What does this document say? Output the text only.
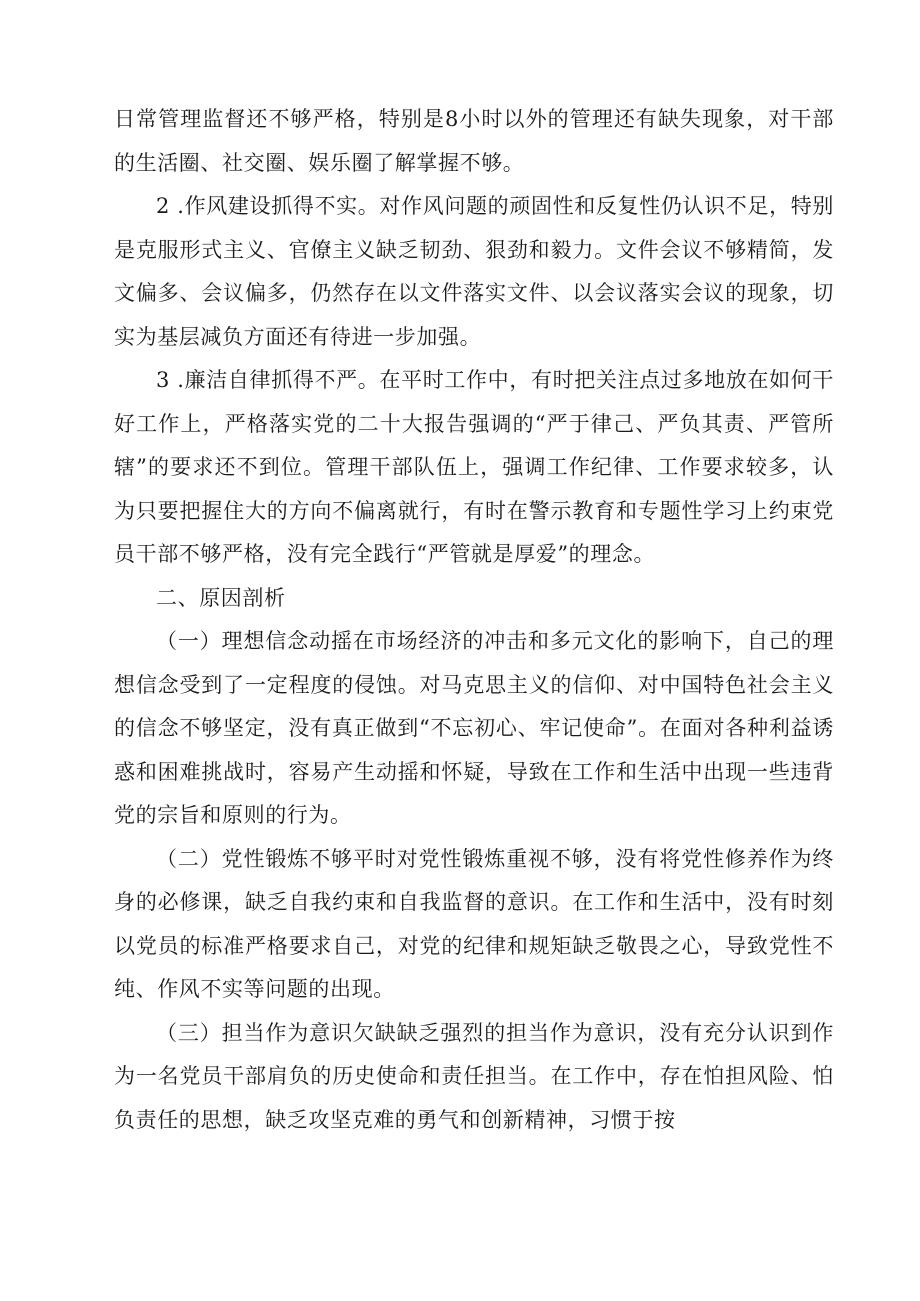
日常管理监督还不够严格，特别是8小时以外的管理还有缺失现象，对干部的生活圈、社交圈、娱乐圈了解掌握不够。

2 .作风建设抓得不实。对作风问题的顽固性和反复性仍认识不足，特别是克服形式主义、官僚主义缺乏韧劲、狠劲和毅力。文件会议不够精简，发文偏多、会议偏多，仍然存在以文件落实文件、以会议落实会议的现象，切实为基层减负方面还有待进一步加强。

3 .廉洁自律抓得不严。在平时工作中，有时把关注点过多地放在如何干好工作上，严格落实党的二十大报告强调的“严于律己、严负其责、严管所辖”的要求还不到位。管理干部队伍上，强调工作纪律、工作要求较多，认为只要把握住大的方向不偏离就行，有时在警示教育和专题性学习上约束党员干部不够严格，没有完全践行“严管就是厚爱”的理念。

二、原因剖析

（一）理想信念动摇在市场经济的冲击和多元文化的影响下，自己的理想信念受到了一定程度的侵蚀。对马克思主义的信仰、对中国特色社会主义的信念不够坚定，没有真正做到“不忘初心、牢记使命”。在面对各种利益诱惑和困难挑战时，容易产生动摇和怀疑，导致在工作和生活中出现一些违背党的宗旨和原则的行为。

（二）党性锻炼不够平时对党性锻炼重视不够，没有将党性修养作为终身的必修课，缺乏自我约束和自我监督的意识。在工作和生活中，没有时刻以党员的标准严格要求自己，对党的纪律和规矩缺乏敬畏之心，导致党性不纯、作风不实等问题的出现。

（三）担当作为意识欠缺缺乏强烈的担当作为意识，没有充分认识到作为一名党员干部肩负的历史使命和责任担当。在工作中，存在怕担风险、怕负责任的思想，缺乏攻坚克难的勇气和创新精神，习惯于按
